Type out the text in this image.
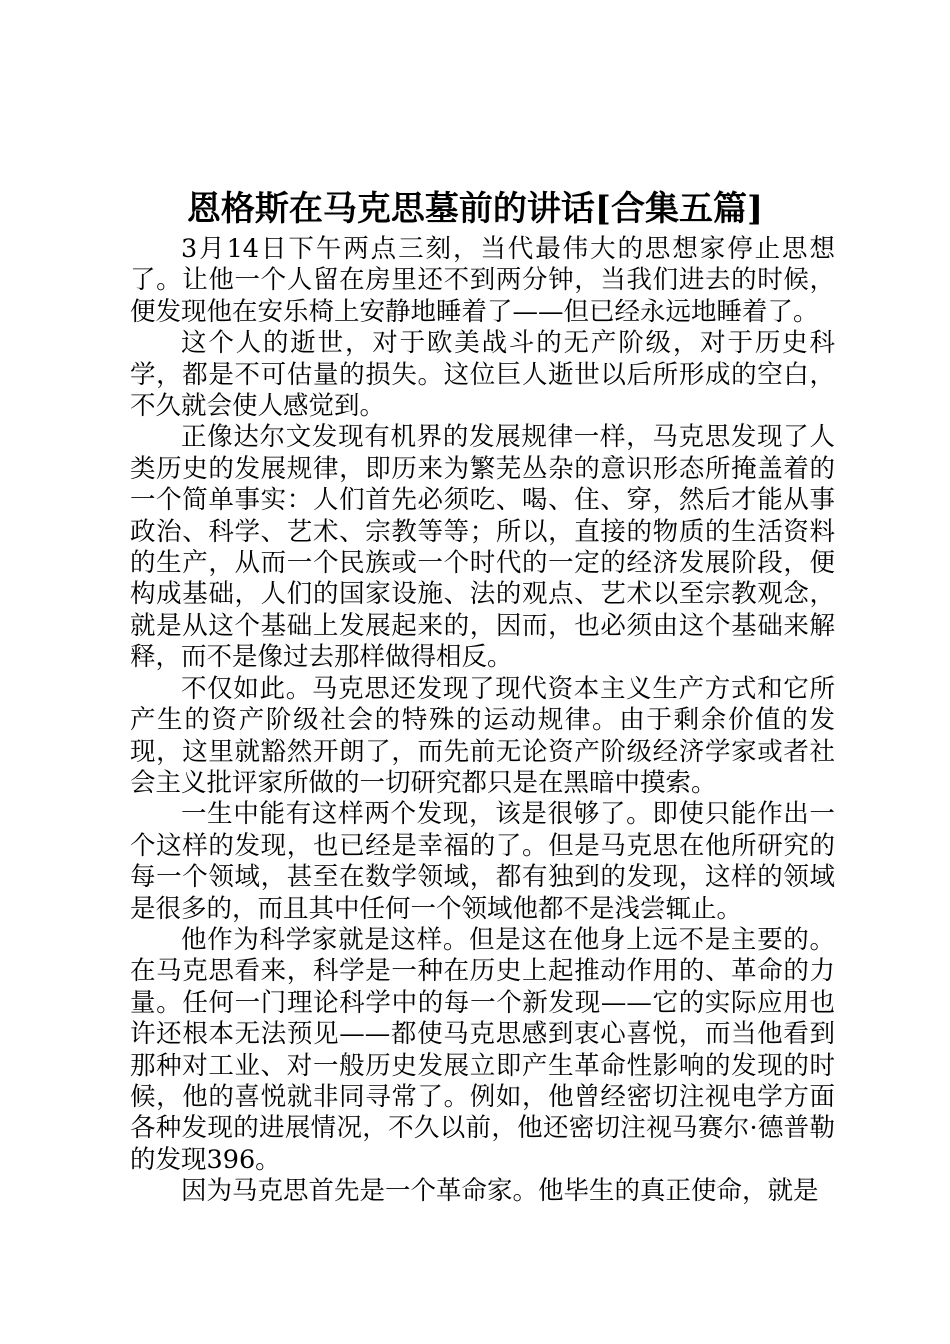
恩格斯在马克思墓前的讲话[合集五篇]

3月14日下午两点三刻，当代最伟大的思想家停止思想了。让他一个人留在房里还不到两分钟，当我们进去的时候，便发现他在安乐椅上安静地睡着了——但已经永远地睡着了。

这个人的逝世，对于欧美战斗的无产阶级，对于历史科学，都是不可估量的损失。这位巨人逝世以后所形成的空白，不久就会使人感觉到。

正像达尔文发现有机界的发展规律一样，马克思发现了人类历史的发展规律，即历来为繁芜丛杂的意识形态所掩盖着的一个简单事实：人们首先必须吃、喝、住、穿，然后才能从事政治、科学、艺术、宗教等等；所以，直接的物质的生活资料的生产，从而一个民族或一个时代的一定的经济发展阶段，便构成基础，人们的国家设施、法的观点、艺术以至宗教观念，就是从这个基础上发展起来的，因而，也必须由这个基础来解释，而不是像过去那样做得相反。

不仅如此。马克思还发现了现代资本主义生产方式和它所产生的资产阶级社会的特殊的运动规律。由于剩余价值的发现，这里就豁然开朗了，而先前无论资产阶级经济学家或者社会主义批评家所做的一切研究都只是在黑暗中摸索。

一生中能有这样两个发现，该是很够了。即使只能作出一个这样的发现，也已经是幸福的了。但是马克思在他所研究的每一个领域，甚至在数学领域，都有独到的发现，这样的领域是很多的，而且其中任何一个领域他都不是浅尝辄止。

他作为科学家就是这样。但是这在他身上远不是主要的。在马克思看来，科学是一种在历史上起推动作用的、革命的力量。任何一门理论科学中的每一个新发现——它的实际应用也许还根本无法预见——都使马克思感到衷心喜悦，而当他看到那种对工业、对一般历史发展立即产生革命性影响的发现的时候，他的喜悦就非同寻常了。例如，他曾经密切注视电学方面各种发现的进展情况，不久以前，他还密切注视马赛尔·德普勒的发现396。

因为马克思首先是一个革命家。他毕生的真正使命，就是
